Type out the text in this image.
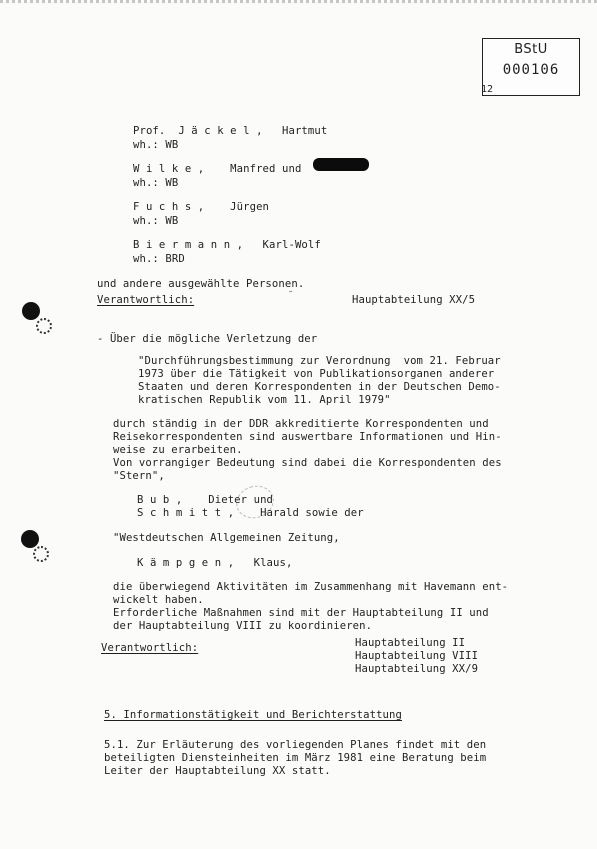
BStU
000106
12
Prof.  J ä c k e l ,   Hartmut
wh.: WB
W i l k e ,    Manfred und
wh.: WB
F u c h s ,    Jürgen
wh.: WB
B i e r m a n n ,   Karl-Wolf
wh.: BRD
und andere ausgewählte Personen.
Verantwortlich:	˘	Hauptabteilung XX/5
- Über die mögliche Verletzung der
"Durchführungsbestimmung zur Verordnung  vom 21. Februar
1973 über die Tätigkeit von Publikationsorganen anderer
Staaten und deren Korrespondenten in der Deutschen Demo-
kratischen Republik vom 11. April 1979"
durch ständig in der DDR akkreditierte Korrespondenten und
Reisekorrespondenten sind auswertbare Informationen und Hin-
weise zu erarbeiten.
Von vorrangiger Bedeutung sind dabei die Korrespondenten des
"Stern",
B u b ,    Dieter und
S c h m i t t ,    Harald sowie der
"Westdeutschen Allgemeinen Zeitung,
K ä m p g e n ,   Klaus,
die überwiegend Aktivitäten im Zusammenhang mit Havemann ent-
wickelt haben.
Erforderliche Maßnahmen sind mit der Hauptabteilung II und
der Hauptabteilung VIII zu koordinieren.
Verantwortlich:	Hauptabteilung II
Hauptabteilung VIII
Hauptabteilung XX/9
5. Informationstätigkeit und Berichterstattung
5.1. Zur Erläuterung des vorliegenden Planes findet mit den
beteiligten Diensteinheiten im März 1981 eine Beratung beim
Leiter der Hauptabteilung XX statt.
